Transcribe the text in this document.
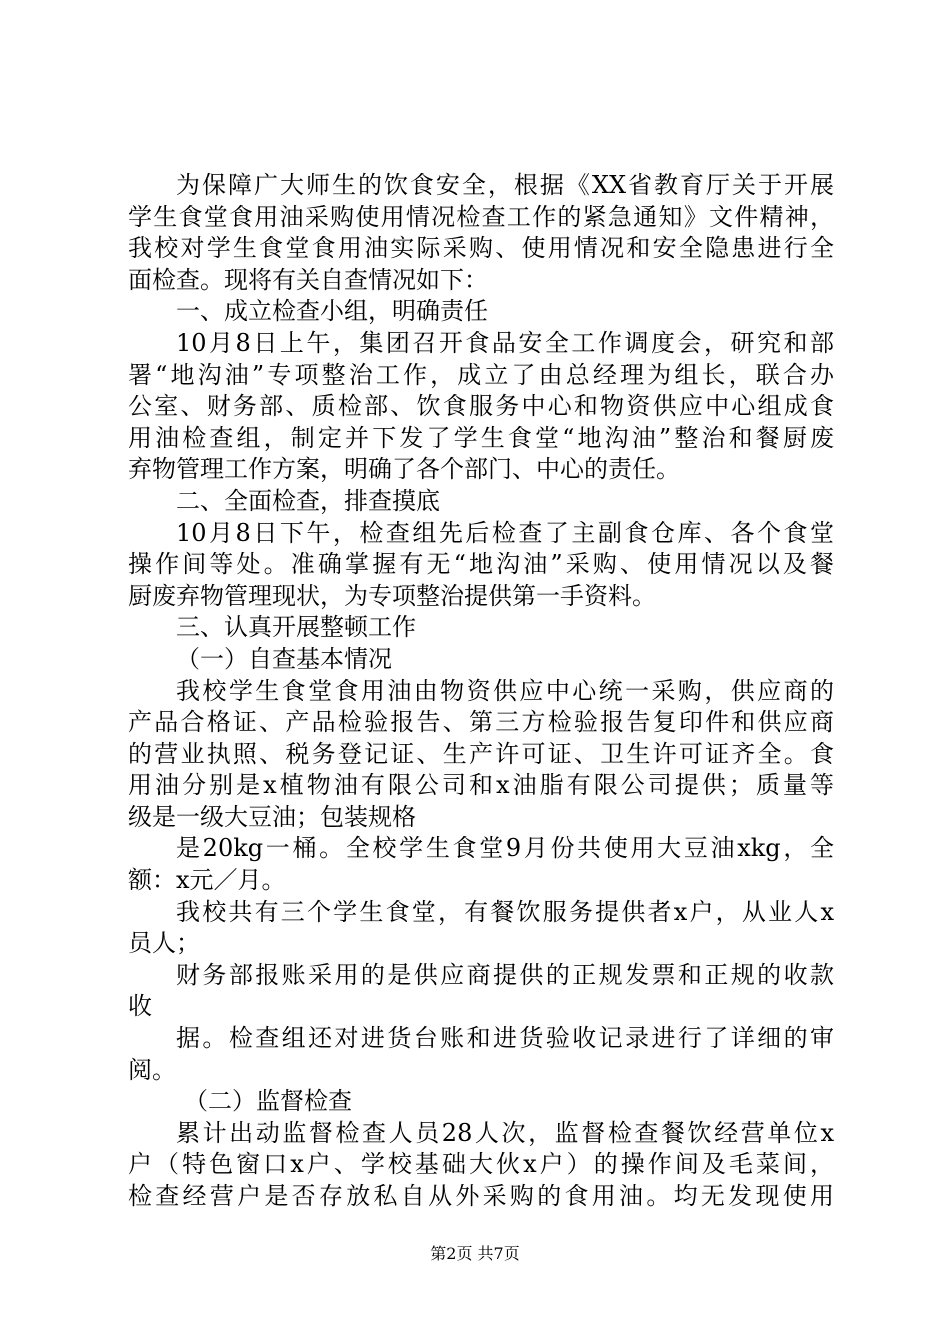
为保障广大师生的饮食安全，根据《XX省教育厅关于开展
学生食堂食用油采购使用情况检查工作的紧急通知》文件精神，
我校对学生食堂食用油实际采购、使用情况和安全隐患进行全
面检查。现将有关自查情况如下：
一、成立检查小组，明确责任
10月8日上午，集团召开食品安全工作调度会，研究和部
署“地沟油”专项整治工作，成立了由总经理为组长，联合办
公室、财务部、质检部、饮食服务中心和物资供应中心组成食
用油检查组，制定并下发了学生食堂“地沟油”整治和餐厨废
弃物管理工作方案，明确了各个部门、中心的责任。
二、全面检查，排查摸底
10月8日下午，检查组先后检查了主副食仓库、各个食堂
操作间等处。准确掌握有无“地沟油”采购、使用情况以及餐
厨废弃物管理现状，为专项整治提供第一手资料。
三、认真开展整顿工作
（一）自查基本情况
我校学生食堂食用油由物资供应中心统一采购，供应商的
产品合格证、产品检验报告、第三方检验报告复印件和供应商
的营业执照、税务登记证、生产许可证、卫生许可证齐全。食
用油分别是x植物油有限公司和x油脂有限公司提供；质量等
级是一级大豆油；包装规格
是20kg一桶。全校学生食堂9月份共使用大豆油xkg，全
额：x元／月。
我校共有三个学生食堂，有餐饮服务提供者x户，从业人x
员人；
财务部报账采用的是供应商提供的正规发票和正规的收款
收
据。检查组还对进货台账和进货验收记录进行了详细的审
阅。
（二）监督检查
累计出动监督检查人员28人次，监督检查餐饮经营单位x
户（特色窗口x户、学校基础大伙x户）的操作间及毛菜间，
检查经营户是否存放私自从外采购的食用油。均无发现使用
第2页 共7页
